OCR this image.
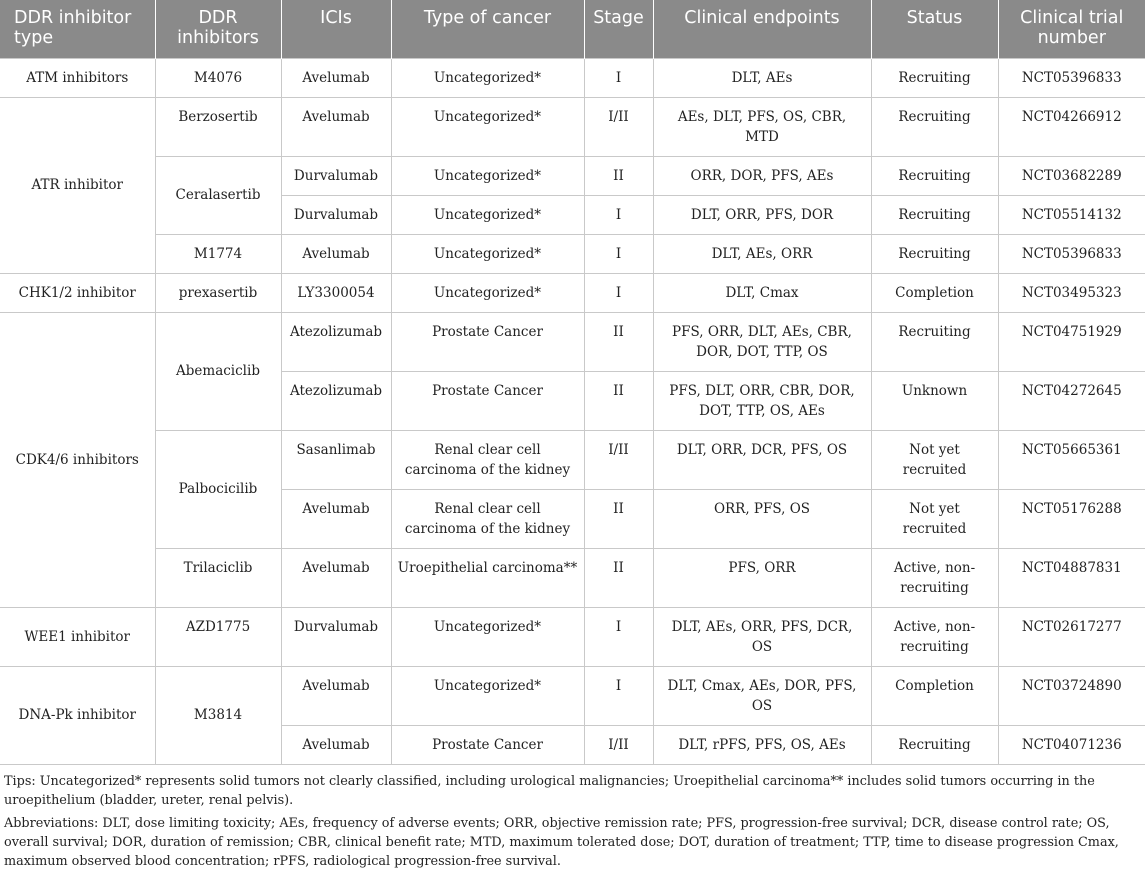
DDR inhibitor type	DDR inhibitors	ICIs	Type of cancer	Stage	Clinical endpoints	Status	Clinical trial number
ATM inhibitors	M4076	Avelumab	Uncategorized*	I	DLT, AEs	Recruiting	NCT05396833
ATR inhibitor	Berzosertib	Avelumab	Uncategorized*	I/II	AEs, DLT, PFS, OS, CBR, MTD	Recruiting	NCT04266912
	Ceralasertib	Durvalumab	Uncategorized*	II	ORR, DOR, PFS, AEs	Recruiting	NCT03682289
		Durvalumab	Uncategorized*	I	DLT, ORR, PFS, DOR	Recruiting	NCT05514132
	M1774	Avelumab	Uncategorized*	I	DLT, AEs, ORR	Recruiting	NCT05396833
CHK1/2 inhibitor	prexasertib	LY3300054	Uncategorized*	I	DLT, Cmax	Completion	NCT03495323
CDK4/6 inhibitors	Abemaciclib	Atezolizumab	Prostate Cancer	II	PFS, ORR, DLT, AEs, CBR, DOR, DOT, TTP, OS	Recruiting	NCT04751929
		Atezolizumab	Prostate Cancer	II	PFS, DLT, ORR, CBR, DOR, DOT, TTP, OS, AEs	Unknown	NCT04272645
	Palbocicilib	Sasanlimab	Renal clear cell carcinoma of the kidney	I/II	DLT, ORR, DCR, PFS, OS	Not yet recruited	NCT05665361
		Avelumab	Renal clear cell carcinoma of the kidney	II	ORR, PFS, OS	Not yet recruited	NCT05176288
	Trilaciclib	Avelumab	Uroepithelial carcinoma**	II	PFS, ORR	Active, non-recruiting	NCT04887831
WEE1 inhibitor	AZD1775	Durvalumab	Uncategorized*	I	DLT, AEs, ORR, PFS, DCR, OS	Active, non-recruiting	NCT02617277
DNA-Pk inhibitor	M3814	Avelumab	Uncategorized*	I	DLT, Cmax, AEs, DOR, PFS, OS	Completion	NCT03724890
		Avelumab	Prostate Cancer	I/II	DLT, rPFS, PFS, OS, AEs	Recruiting	NCT04071236

Tips: Uncategorized* represents solid tumors not clearly classified, including urological malignancies; Uroepithelial carcinoma** includes solid tumors occurring in the uroepithelium (bladder, ureter, renal pelvis).

Abbreviations: DLT, dose limiting toxicity; AEs, frequency of adverse events; ORR, objective remission rate; PFS, progression-free survival; DCR, disease control rate; OS, overall survival; DOR, duration of remission; CBR, clinical benefit rate; MTD, maximum tolerated dose; DOT, duration of treatment; TTP, time to disease progression Cmax, maximum observed blood concentration; rPFS, radiological progression-free survival.
